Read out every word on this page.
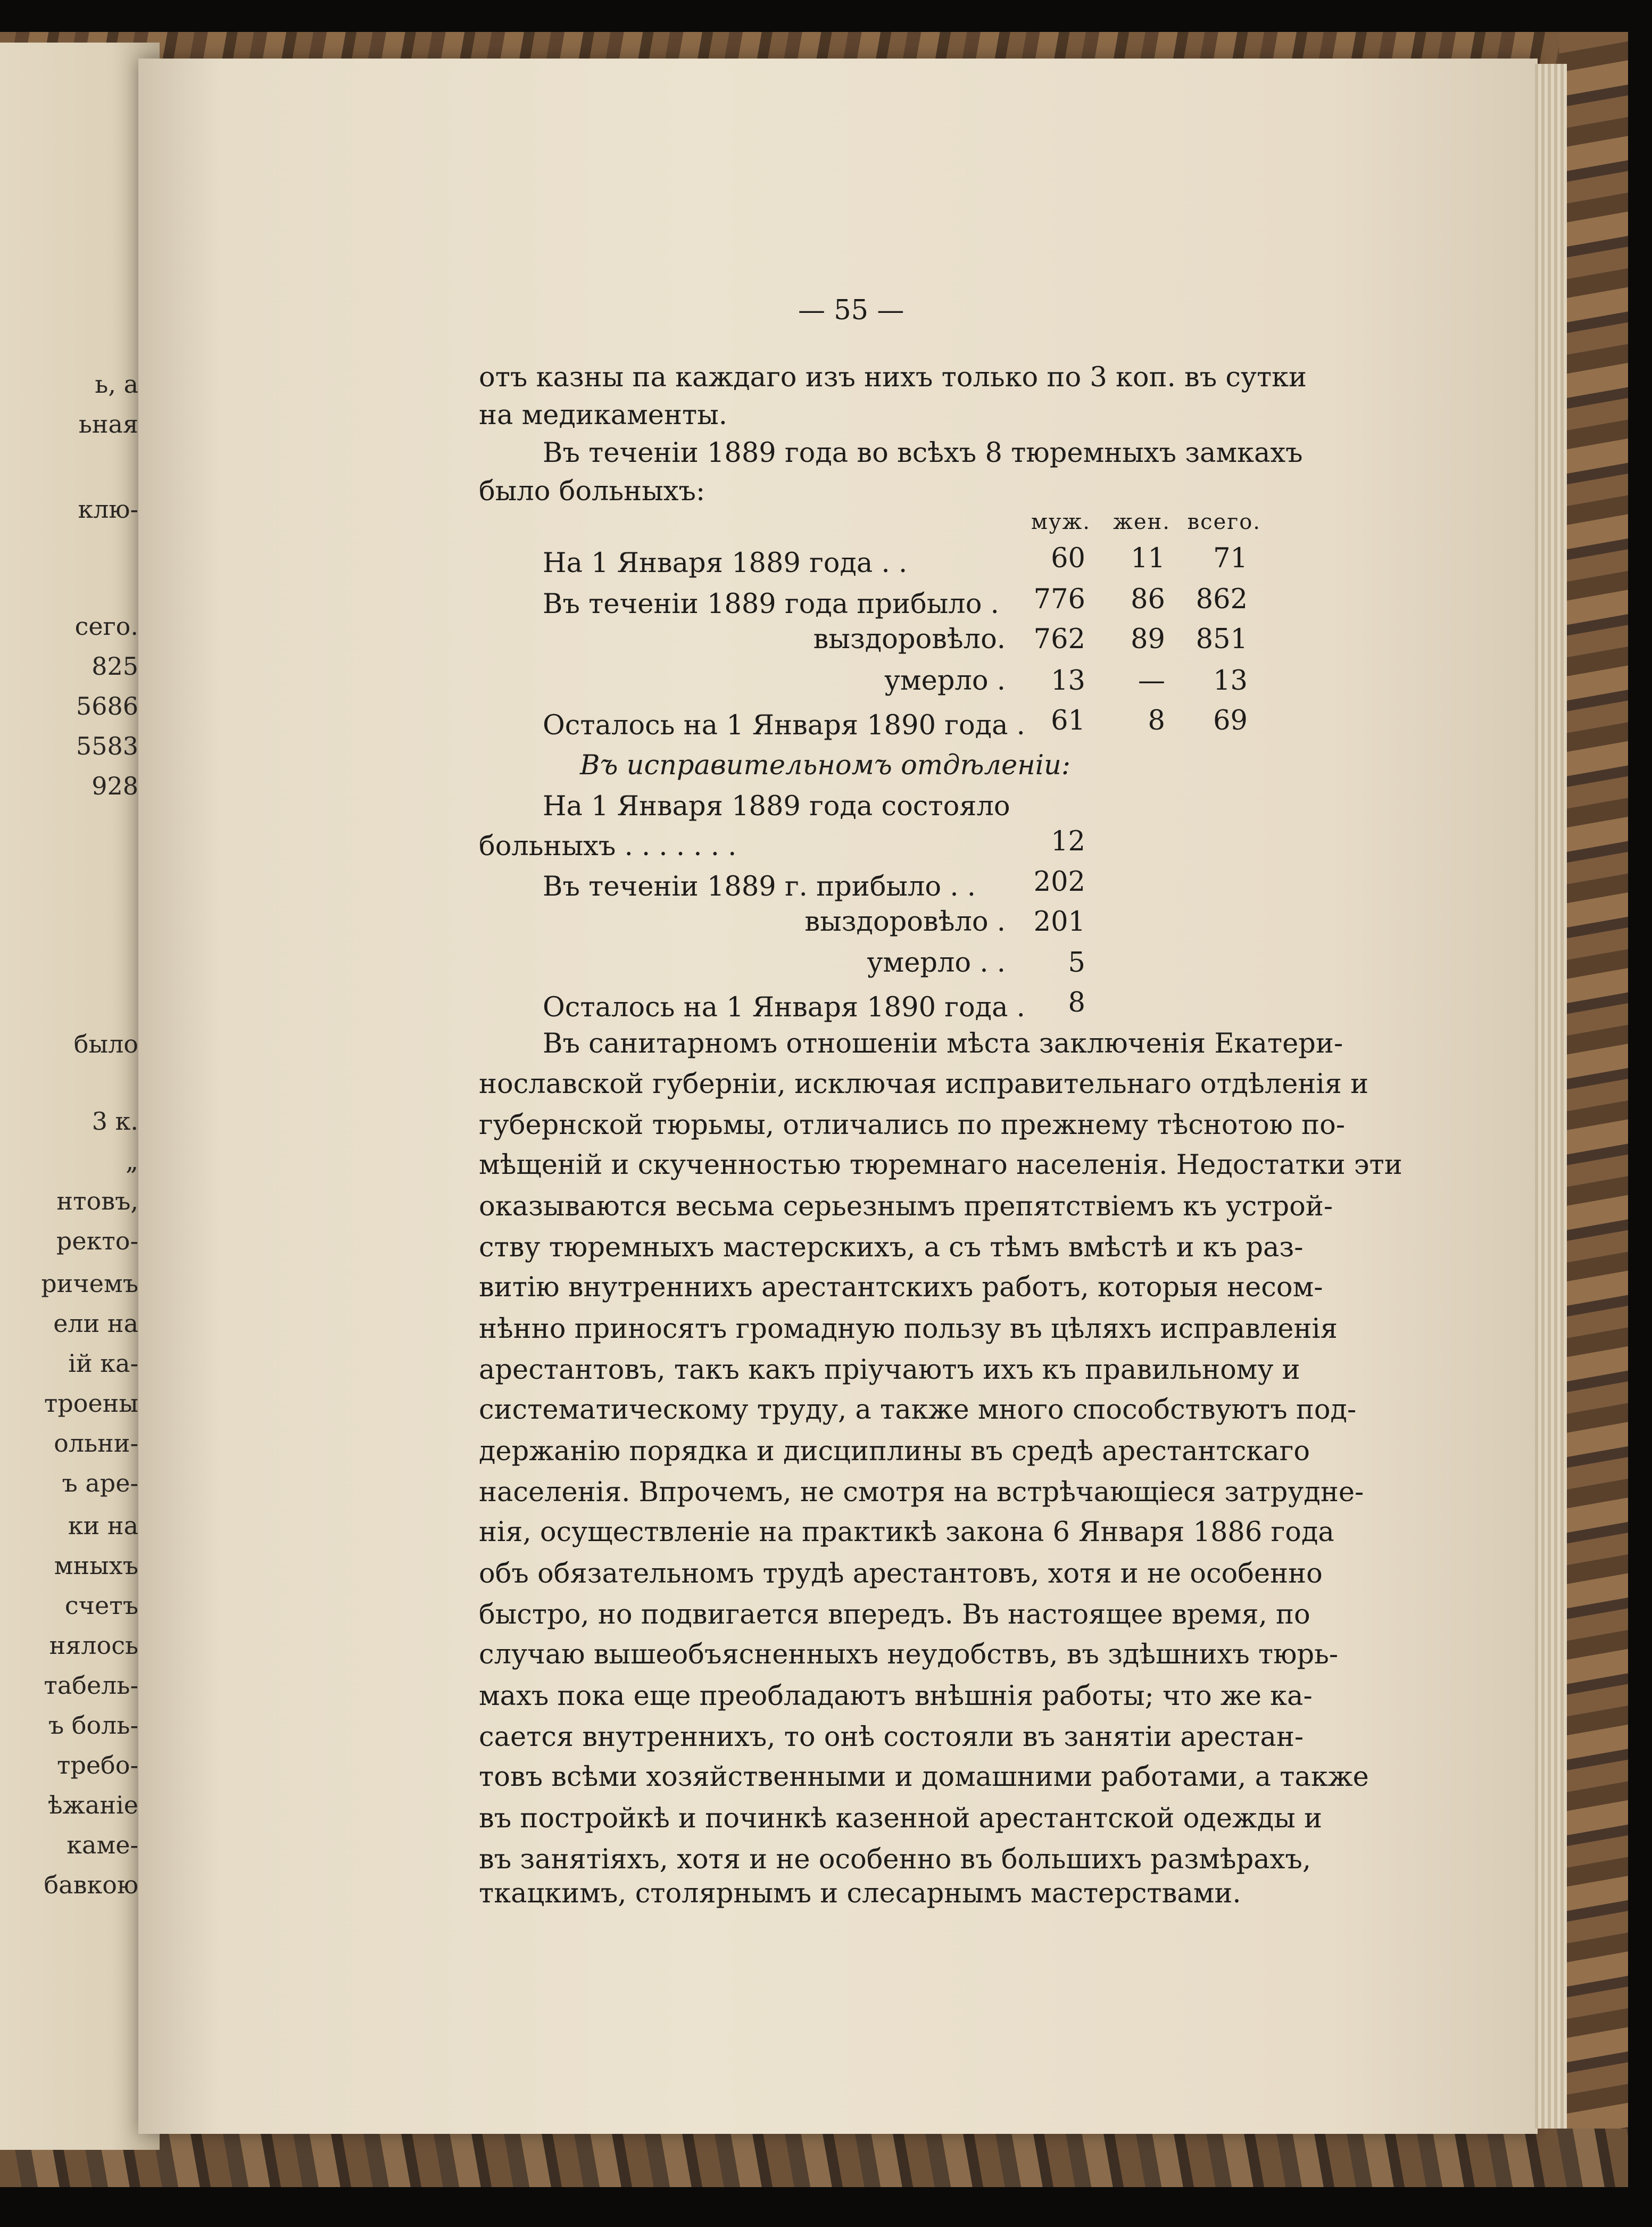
ь, а
ьная
клю-
сего.
825
5686
5583
928
было
3 к.
„
нтовъ,
ректо-
ричемъ
ели на
ій ка-
троены
ольни-
ъ аре-
ки на
мныхъ
счетъ
нялось
табель-
ъ боль-
требо-
ѣжаніе
каме-
бавкою
— 55 —
отъ казны па каждаго изъ нихъ только по 3 коп. въ сутки
на медикаменты.
Въ теченіи 1889 года во всѣхъ 8 тюремныхъ замкахъ
было больныхъ:
муж. жен. всего.
На 1 Января 1889 года . .	60	11	71
Въ теченіи 1889 года прибыло .	776	86	862
выздоровѣло.	762	89	851
умерло .	13	—	13
Осталось на 1 Января 1890 года . 61	8	69
Въ исправительномъ отдѣленіи:
На 1 Января 1889 года состояло
больныхъ . . . . . . .	12
Въ теченіи 1889 г. прибыло . .	202
выздоровѣло .	201
умерло . .	5
Осталось на 1 Января 1890 года .	8
Въ санитарномъ отношеніи мѣста заключенія Екатери-
нославской губерніи, исключая исправительнаго отдѣленія и
губернской тюрьмы, отличались по прежнему тѣснотою по-
мѣщеній и скученностью тюремнаго населенія. Недостатки эти
оказываются весьма серьезнымъ препятствіемъ къ устрой-
ству тюремныхъ мастерскихъ, а съ тѣмъ вмѣстѣ и къ раз-
витію внутреннихъ арестантскихъ работъ, которыя несом-
нѣнно приносятъ громадную пользу въ цѣляхъ исправленія
арестантовъ, такъ какъ пріучаютъ ихъ къ правильному и
систематическому труду, а также много способствуютъ под-
держанію порядка и дисциплины въ средѣ арестантскаго
населенія. Впрочемъ, не смотря на встрѣчающіеся затрудне-
нія, осуществленіе на практикѣ закона 6 Января 1886 года
объ обязательномъ трудѣ арестантовъ, хотя и не особенно
быстро, но подвигается впередъ. Въ настоящее время, по
случаю вышеобъясненныхъ неудобствъ, въ здѣшнихъ тюрь-
махъ пока еще преобладаютъ внѣшнія работы; что же ка-
сается внутреннихъ, то онѣ состояли въ занятіи арестан-
товъ всѣми хозяйственными и домашними работами, а также
въ постройкѣ и починкѣ казенной арестантской одежды и
въ занятіяхъ, хотя и не особенно въ большихъ размѣрахъ,
ткацкимъ, столярнымъ и слесарнымъ мастерствами.
